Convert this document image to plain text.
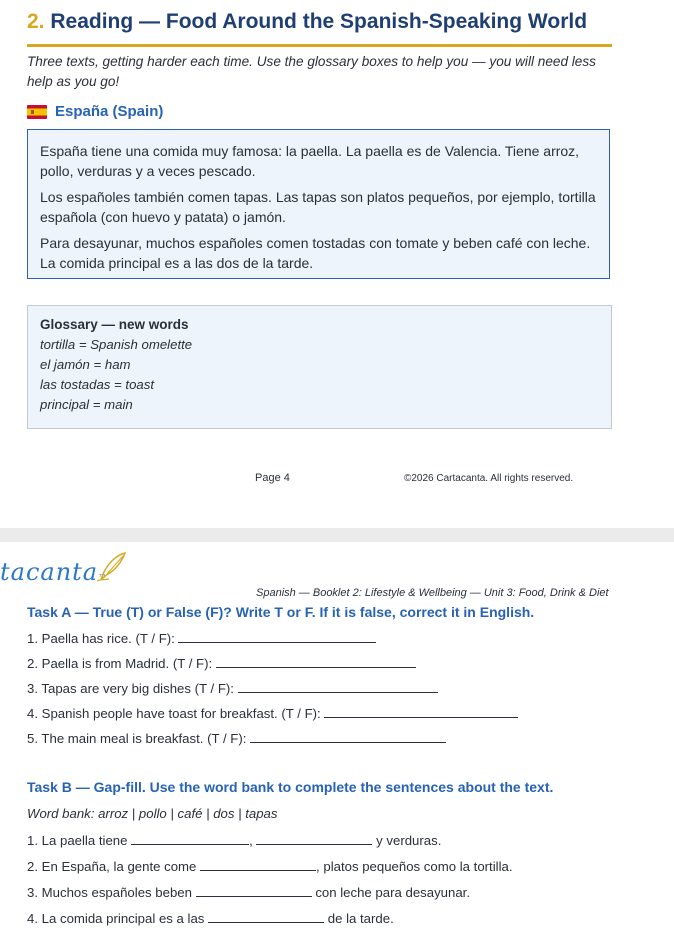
2. Reading — Food Around the Spanish-Speaking World
Three texts, getting harder each time. Use the glossary boxes to help you — you will need less help as you go!
España (Spain)

España tiene una comida muy famosa: la paella. La paella es de Valencia. Tiene arroz, pollo, verduras y a veces pescado.

Los españoles también comen tapas. Las tapas son platos pequeños, por ejemplo, tortilla española (con huevo y patata) o jamón.

Para desayunar, muchos españoles comen tostadas con tomate y beben café con leche. La comida principal es a las dos de la tarde.

Glossary — new words
tortilla = Spanish omelette
el jamón = ham
las tostadas = toast
principal = main
Page 4	©2026 Cartacanta. All rights reserved.
tacanta™
Spanish — Booklet 2: Lifestyle & Wellbeing — Unit 3: Food, Drink & Diet
Task A — True (T) or False (F)? Write T or F. If it is false, correct it in English.
1. Paella has rice. (T / F):
2. Paella is from Madrid. (T / F):
3. Tapas are very big dishes (T / F):
4. Spanish people have toast for breakfast. (T / F):
5. The main meal is breakfast. (T / F):
Task B — Gap-fill. Use the word bank to complete the sentences about the text.
Word bank: arroz | pollo | café | dos | tapas
1. La paella tiene	,	y verduras.
2. En España, la gente come	, platos pequeños como la tortilla.
3. Muchos españoles beben	con leche para desayunar.
4. La comida principal es a las	de la tarde.
